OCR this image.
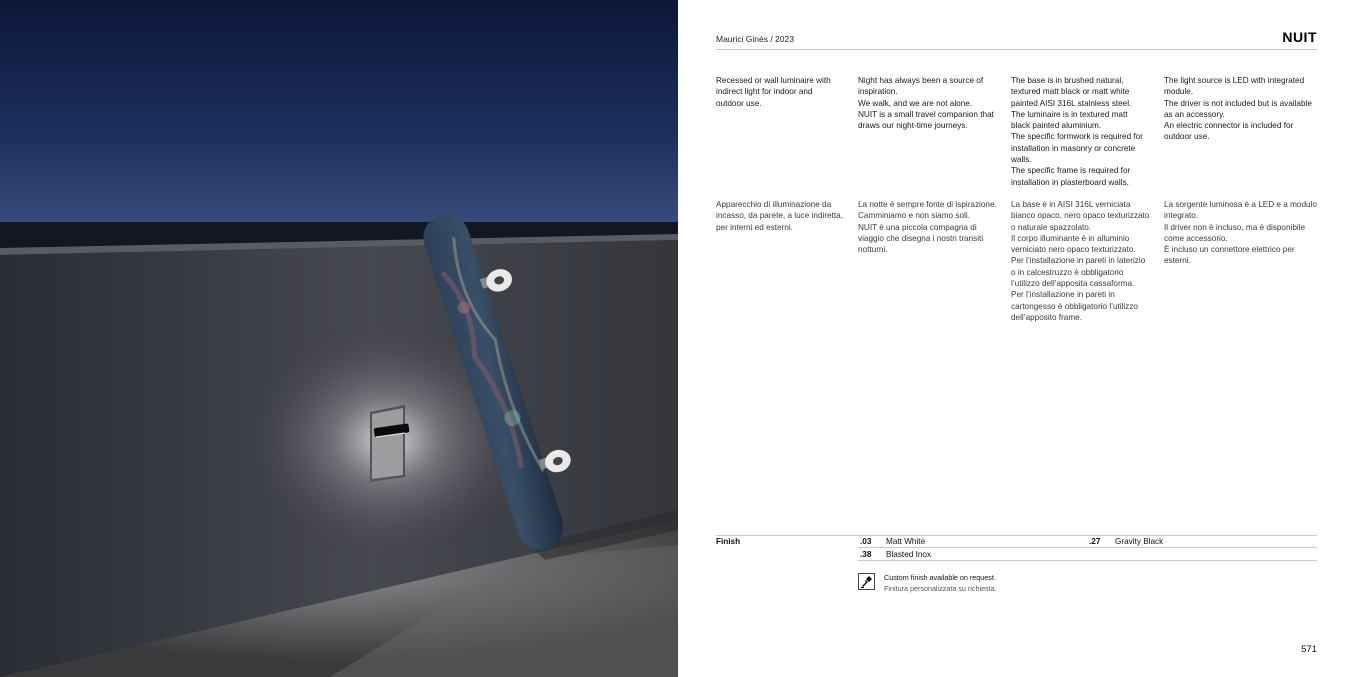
Maurici Ginés / 2023	NUIT

Recessed or wall luminaire with

indirect light for indoor and

outdoor use.

Night has always been a source of

inspiration.

We walk, and we are not alone.

NUIT is a small travel companion that

draws our night-time journeys.

The base is in brushed natural,

textured matt black or matt white

painted AISI 316L stainless steel.

The luminaire is in textured matt

black painted aluminium.

The specific formwork is required for

installation in masonry or concrete

walls.

The specific frame is required for

installation in plasterboard walls.

The light source is LED with integrated

module.

The driver is not included but is available

as an accessory.

An electric connector is included for

outdoor use.

Apparecchio di illuminazione da

incasso, da parete, a luce indiretta,

per interni ed esterni.

La notte è sempre fonte di ispirazione.

Camminiamo e non siamo soli.

NUIT è una piccola compagna di

viaggio che disegna i nostri transiti

notturni.

La base è in AISI 316L verniciata

bianco opaco, nero opaco texturizzato

o naturale spazzolato.

Il corpo illuminante è in alluminio

verniciato nero opaco texturizzato.

Per l’installazione in pareti in laterizio

o in calcestruzzo è obbligatorio

l’utilizzo dell’apposita cassaforma.

Per l’installazione in pareti in

cartongesso è obbligatorio l’utilizzo

dell’apposito frame.

La sorgente luminosa è a LED e a modulo

integrato.

Il driver non è incluso, ma è disponibile

come accessorio.

È incluso un connettore elettrico per

esterni.

Finish	.03 Matt White	.27 Gravity Black
.38 Blasted Inox
Custom finish available on request.
Finitura personalizzata su richiesta.
571
